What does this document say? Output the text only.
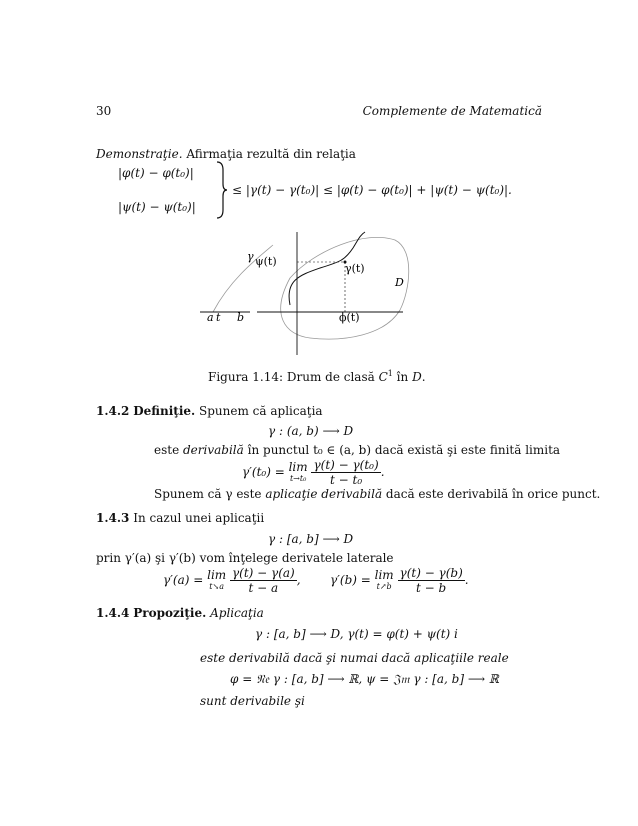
30	Complemente de Matematică
Demonstraţie. Afirmaţia rezultă din relaţia
|φ(t) − φ(t₀)|
|ψ(t) − ψ(t₀)|
≤ |γ(t) − γ(t₀)| ≤ |φ(t) − φ(t₀)| + |ψ(t) − ψ(t₀)|.
γ ψ(t)
γ(t)
D
a t b	ϕ(t)
Figura 1.14: Drum de clasă $C^1$ în D.
1.4.2 Definiţie. Spunem că aplicaţia
γ : (a, b) ⟶ D
este derivabilă în punctul t₀ ∈ (a, b) dacă există şi este finită limita
γ′(t₀) = lim
t→t₀
$\frac{\text{γ(t) − γ(t₀)}}{\text{t − t₀}}$ .
Spunem că γ este aplicaţie derivabilă dacă este derivabilă în orice punct.
1.4.3 In cazul unei aplicaţii
γ : [a, b] ⟶ D
prin γ′(a) şi γ′(b) vom înţelege derivatele laterale
γ′(a) = lim
t↘a
$\frac{\gamma(t) - \gamma(a)}{t - a}$ , γ′(b) = lim
t↗b
$\frac{\gamma(t) - \gamma(b)}{t - b}$ .
1.4.4 Propoziţie. Aplicaţia
γ : [a, b] ⟶ D, γ(t) = φ(t) + ψ(t) i
este derivabilă dacă şi numai dacă aplicaţiile reale
φ = 𝔑𝔢 γ : [a, b] ⟶ ℝ, ψ = 𝔍𝔪 γ : [a, b] ⟶ ℝ
sunt derivabile şi
